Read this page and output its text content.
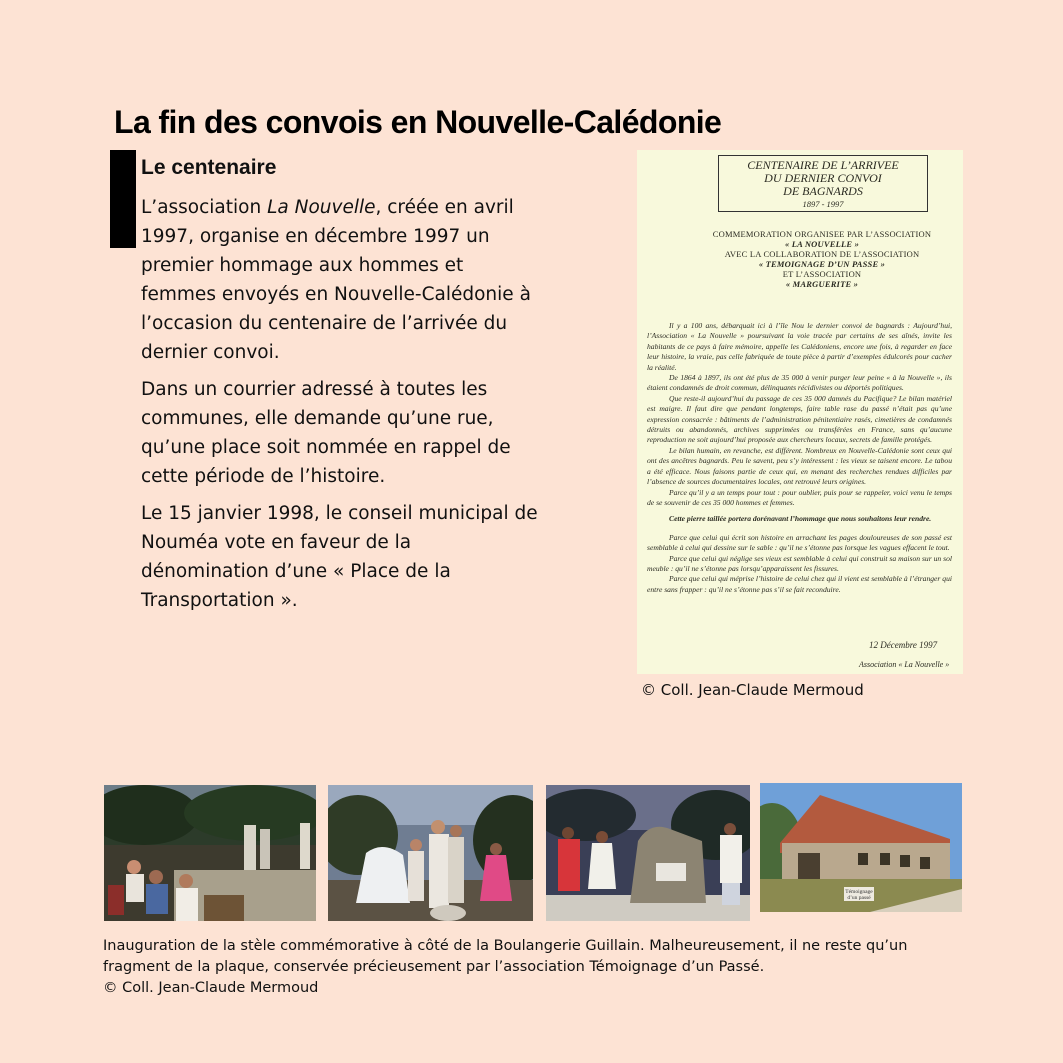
La fin des convois en Nouvelle-Calédonie
Le centenaire

L’association La Nouvelle, créée en avril 1997, organise en décembre 1997 un premier hommage aux hommes et femmes envoyés en Nouvelle-Calédonie à l’occasion du centenaire de l’arrivée du dernier convoi.

Dans un courrier adressé à toutes les communes, elle demande qu’une rue, qu’une place soit nommée en rappel de cette période de l’histoire.

Le 15 janvier 1998, le conseil municipal de Nouméa vote en faveur de la dénomination d’une « Place de la Transportation ».

CENTENAIRE DE L’ARRIVEE
DU DERNIER CONVOI
DE BAGNARDS
1897 - 1997
COMMEMORATION ORGANISEE PAR L’ASSOCIATION
« LA NOUVELLE »
AVEC LA COLLABORATION DE L’ASSOCIATION
« TEMOIGNAGE D’UN PASSE »
ET L’ASSOCIATION
« MARGUERITE »

Il y a 100 ans, débarquait ici à l’île Nou le dernier convoi de bagnards : Aujourd’hui, l’Association « La Nouvelle » poursuivant la voie tracée par certains de ses aînés, invite les habitants de ce pays à faire mémoire, appelle les Calédoniens, encore une fois, à regarder en face leur histoire, la vraie, pas celle fabriquée de toute pièce à partir d’exemples édulcorés pour cacher la réalité.

De 1864 à 1897, ils ont été plus de 35 000 à venir purger leur peine « à la Nouvelle », ils étaient condamnés de droit commun, délinquants récidivistes ou déportés politiques.

Que reste-il aujourd’hui du passage de ces 35 000 damnés du Pacifique? Le bilan matériel est maigre. Il faut dire que pendant longtemps, faire table rase du passé n’était pas qu’une expression consacrée : bâtiments de l’administration pénitentiaire rasés, cimetières de condamnés détruits ou abandonnés, archives supprimées ou transférées en France, sans qu’aucune reproduction ne soit aujourd’hui proposée aux chercheurs locaux, secrets de famille protégés.

Le bilan humain, en revanche, est différent. Nombreux en Nouvelle-Calédonie sont ceux qui ont des ancêtres bagnards. Peu le savent, peu s’y intéressent : les vieux se taisent encore. Le tabou a été efficace. Nous faisons partie de ceux qui, en menant des recherches rendues difficiles par l’absence de sources documentaires locales, ont retrouvé leurs origines.

Parce qu’il y a un temps pour tout : pour oublier, puis pour se rappeler, voici venu le temps de se souvenir de ces 35 000 hommes et femmes.

Cette pierre taillée portera dorénavant l’hommage que nous souhaitons leur rendre.

Parce que celui qui écrit son histoire en arrachant les pages douloureuses de son passé est semblable à celui qui dessine sur le sable : qu’il ne s’étonne pas lorsque les vagues effacent le tout.

Parce que celui qui néglige ses vieux est semblable à celui qui construit sa maison sur un sol meuble : qu’il ne s’étonne pas lorsqu’apparaissent les fissures.

Parce que celui qui méprise l’histoire de celui chez qui il vient est semblable à l’étranger qui entre sans frapper : qu’il ne s’étonne pas s’il se fait reconduire.

12 Décembre 1997
Association « La Nouvelle »
© Coll. Jean-Claude Mermoud
Témoignage
d’un passé
Inauguration de la stèle commémorative à côté de la Boulangerie Guillain. Malheureusement, il ne reste qu’un
fragment de la plaque, conservée précieusement par l’association Témoignage d’un Passé.
© Coll. Jean-Claude Mermoud
